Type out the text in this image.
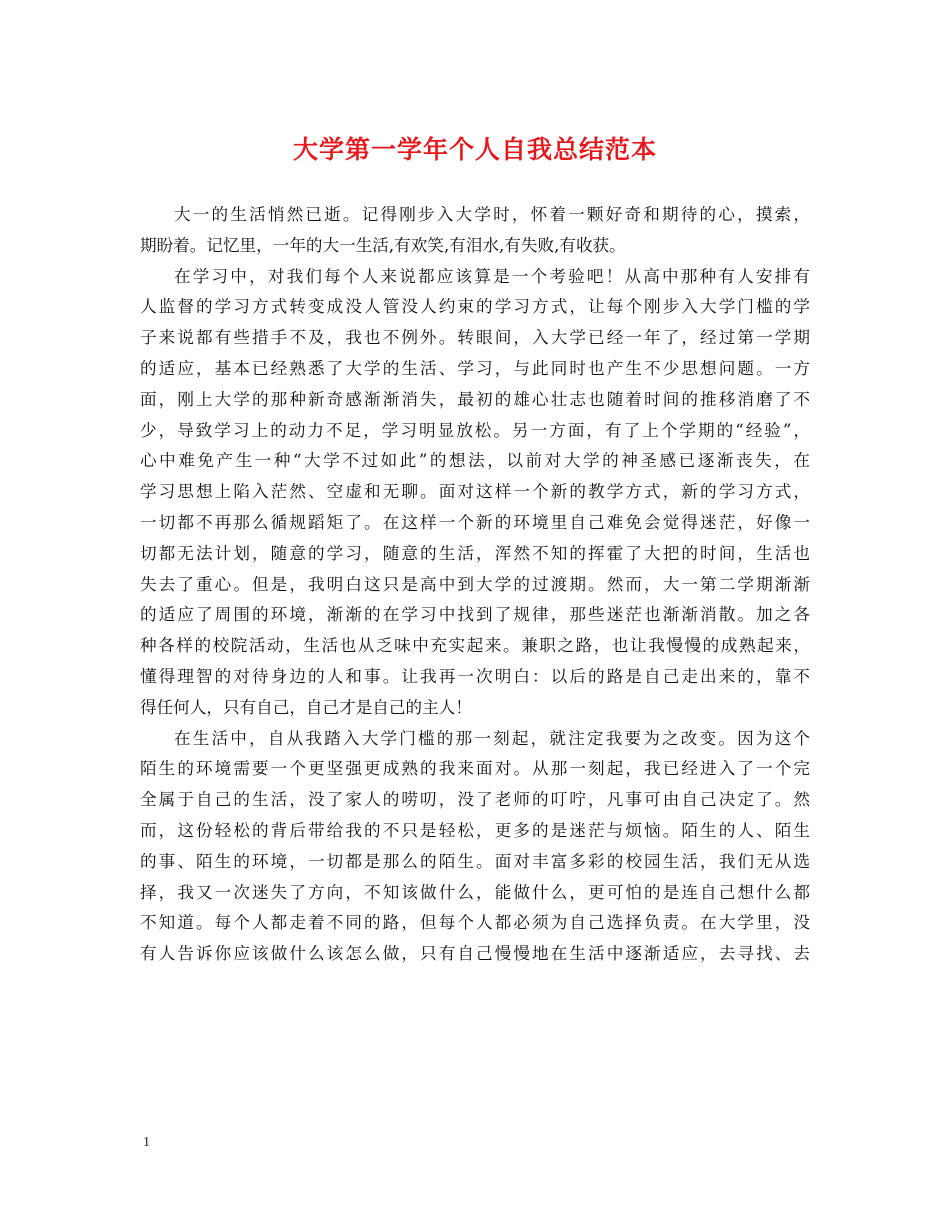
大学第一学年个人自我总结范本
大一的生活悄然已逝。记得刚步入大学时，怀着一颗好奇和期待的心，摸索，
期盼着。记忆里，一年的大一生活,有欢笑,有泪水,有失败,有收获。
在学习中，对我们每个人来说都应该算是一个考验吧！从高中那种有人安排有
人监督的学习方式转变成没人管没人约束的学习方式，让每个刚步入大学门槛的学
子来说都有些措手不及，我也不例外。转眼间，入大学已经一年了，经过第一学期
的适应，基本已经熟悉了大学的生活、学习，与此同时也产生不少思想问题。一方
面，刚上大学的那种新奇感渐渐消失，最初的雄心壮志也随着时间的推移消磨了不
少，导致学习上的动力不足，学习明显放松。另一方面，有了上个学期的“经验”，
心中难免产生一种“大学不过如此”的想法，以前对大学的神圣感已逐渐丧失，在
学习思想上陷入茫然、空虚和无聊。面对这样一个新的教学方式，新的学习方式，
一切都不再那么循规蹈矩了。在这样一个新的环境里自己难免会觉得迷茫，好像一
切都无法计划，随意的学习，随意的生活，浑然不知的挥霍了大把的时间，生活也
失去了重心。但是，我明白这只是高中到大学的过渡期。然而，大一第二学期渐渐
的适应了周围的环境，渐渐的在学习中找到了规律，那些迷茫也渐渐消散。加之各
种各样的校院活动，生活也从乏味中充实起来。兼职之路，也让我慢慢的成熟起来，
懂得理智的对待身边的人和事。让我再一次明白：以后的路是自己走出来的，靠不
得任何人，只有自己，自己才是自己的主人！
在生活中，自从我踏入大学门槛的那一刻起，就注定我要为之改变。因为这个
陌生的环境需要一个更坚强更成熟的我来面对。从那一刻起，我已经进入了一个完
全属于自己的生活，没了家人的唠叨，没了老师的叮咛，凡事可由自己决定了。然
而，这份轻松的背后带给我的不只是轻松，更多的是迷茫与烦恼。陌生的人、陌生
的事、陌生的环境，一切都是那么的陌生。面对丰富多彩的校园生活，我们无从选
择，我又一次迷失了方向，不知该做什么，能做什么，更可怕的是连自己想什么都
不知道。每个人都走着不同的路，但每个人都必须为自己选择负责。在大学里，没
有人告诉你应该做什么该怎么做，只有自己慢慢地在生活中逐渐适应，去寻找、去
1
